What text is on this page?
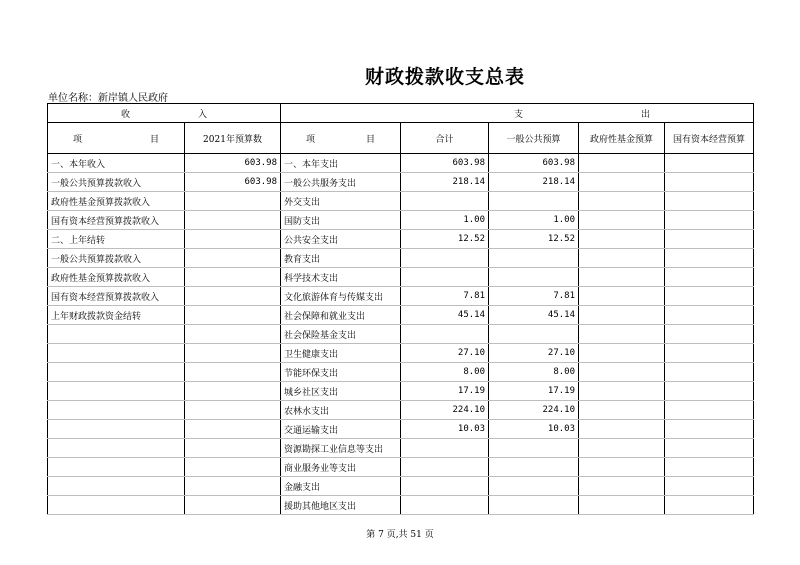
财政拨款收支总表
单位名称：新岸镇人民政府
收 入		支 出				

项 目	2021年预算数	项 目	合计	一般公共预算	政府性基金预算	国有资本经营预算
一、本年收入	603.98	一、本年支出	603.98	603.98		
一般公共预算拨款收入	603.98	一般公共服务支出	218.14	218.14		
政府性基金预算拨款收入		外交支出				
国有资本经营预算拨款收入		国防支出	1.00	1.00		
二、上年结转		公共安全支出	12.52	12.52		
一般公共预算拨款收入		教育支出				
政府性基金预算拨款收入		科学技术支出				
国有资本经营预算拨款收入		文化旅游体育与传媒支出	7.81	7.81		
上年财政拨款资金结转		社会保障和就业支出	45.14	45.14		
		社会保险基金支出				
		卫生健康支出	27.10	27.10		
		节能环保支出	8.00	8.00		
		城乡社区支出	17.19	17.19		
		农林水支出	224.10	224.10		
		交通运输支出	10.03	10.03		
		资源勘探工业信息等支出				
		商业服务业等支出				
		金融支出				
		援助其他地区支出				
第 7 页,共 51 页
